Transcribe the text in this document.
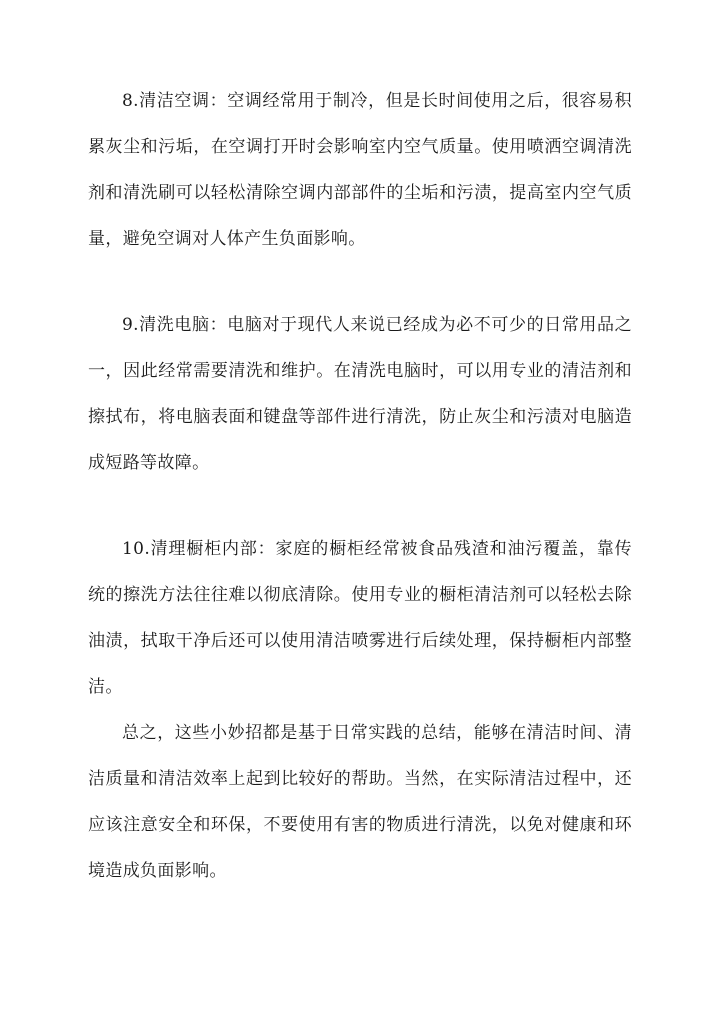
8.清洁空调：空调经常用于制冷，但是长时间使用之后，很容易积累灰尘和污垢，在空调打开时会影响室内空气质量。使用喷洒空调清洗剂和清洗刷可以轻松清除空调内部部件的尘垢和污渍，提高室内空气质量，避免空调对人体产生负面影响。

9.清洗电脑：电脑对于现代人来说已经成为必不可少的日常用品之一，因此经常需要清洗和维护。在清洗电脑时，可以用专业的清洁剂和擦拭布，将电脑表面和键盘等部件进行清洗，防止灰尘和污渍对电脑造成短路等故障。

10.清理橱柜内部：家庭的橱柜经常被食品残渣和油污覆盖，靠传统的擦洗方法往往难以彻底清除。使用专业的橱柜清洁剂可以轻松去除油渍，拭取干净后还可以使用清洁喷雾进行后续处理，保持橱柜内部整洁。

总之，这些小妙招都是基于日常实践的总结，能够在清洁时间、清洁质量和清洁效率上起到比较好的帮助。当然，在实际清洁过程中，还应该注意安全和环保，不要使用有害的物质进行清洗，以免对健康和环境造成负面影响。
